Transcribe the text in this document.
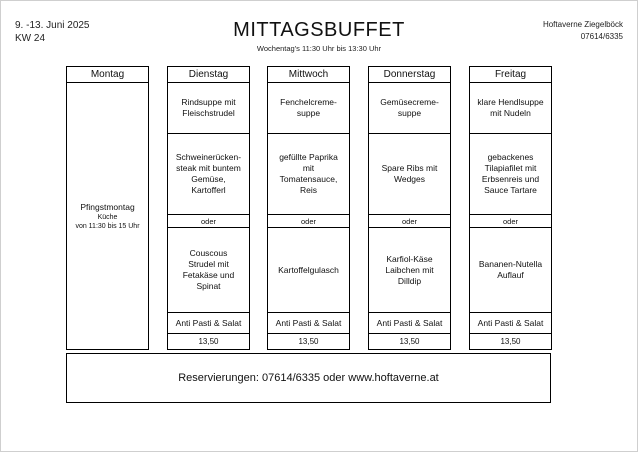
9. -13. Juni 2025
KW 24	MITTAGSBUFFET
Wochentag's 11:30 Uhr bis 13:30 Uhr
Hoftaverne Ziegelböck
07614/6335
Montag
Pfingstmontag
Küche
von 11:30 bis 15 Uhr
Dienstag
Rindsuppe mit
Fleischstrudel
Schweinerücken-
steak mit buntem
Gemüse,
Kartofferl
oder
Couscous
Strudel mit
Fetakäse und
Spinat
Anti Pasti & Salat
13,50
Mittwoch
Fenchelcreme-
suppe
gefüllte Paprika
mit
Tomatensauce,
Reis
oder
Kartoffelgulasch
Anti Pasti & Salat
13,50
Donnerstag
Gemüsecreme-
suppe
Spare Ribs mit
Wedges
oder
Karfiol-Käse
Laibchen mit
Dilldip
Anti Pasti & Salat
13,50
Freitag
klare Hendlsuppe
mit Nudeln
gebackenes
Tilapiafilet mit
Erbsenreis und
Sauce Tartare
oder
Bananen-Nutella
Auflauf
Anti Pasti & Salat
13,50
Reservierungen: 07614/6335 oder www.hoftaverne.at
